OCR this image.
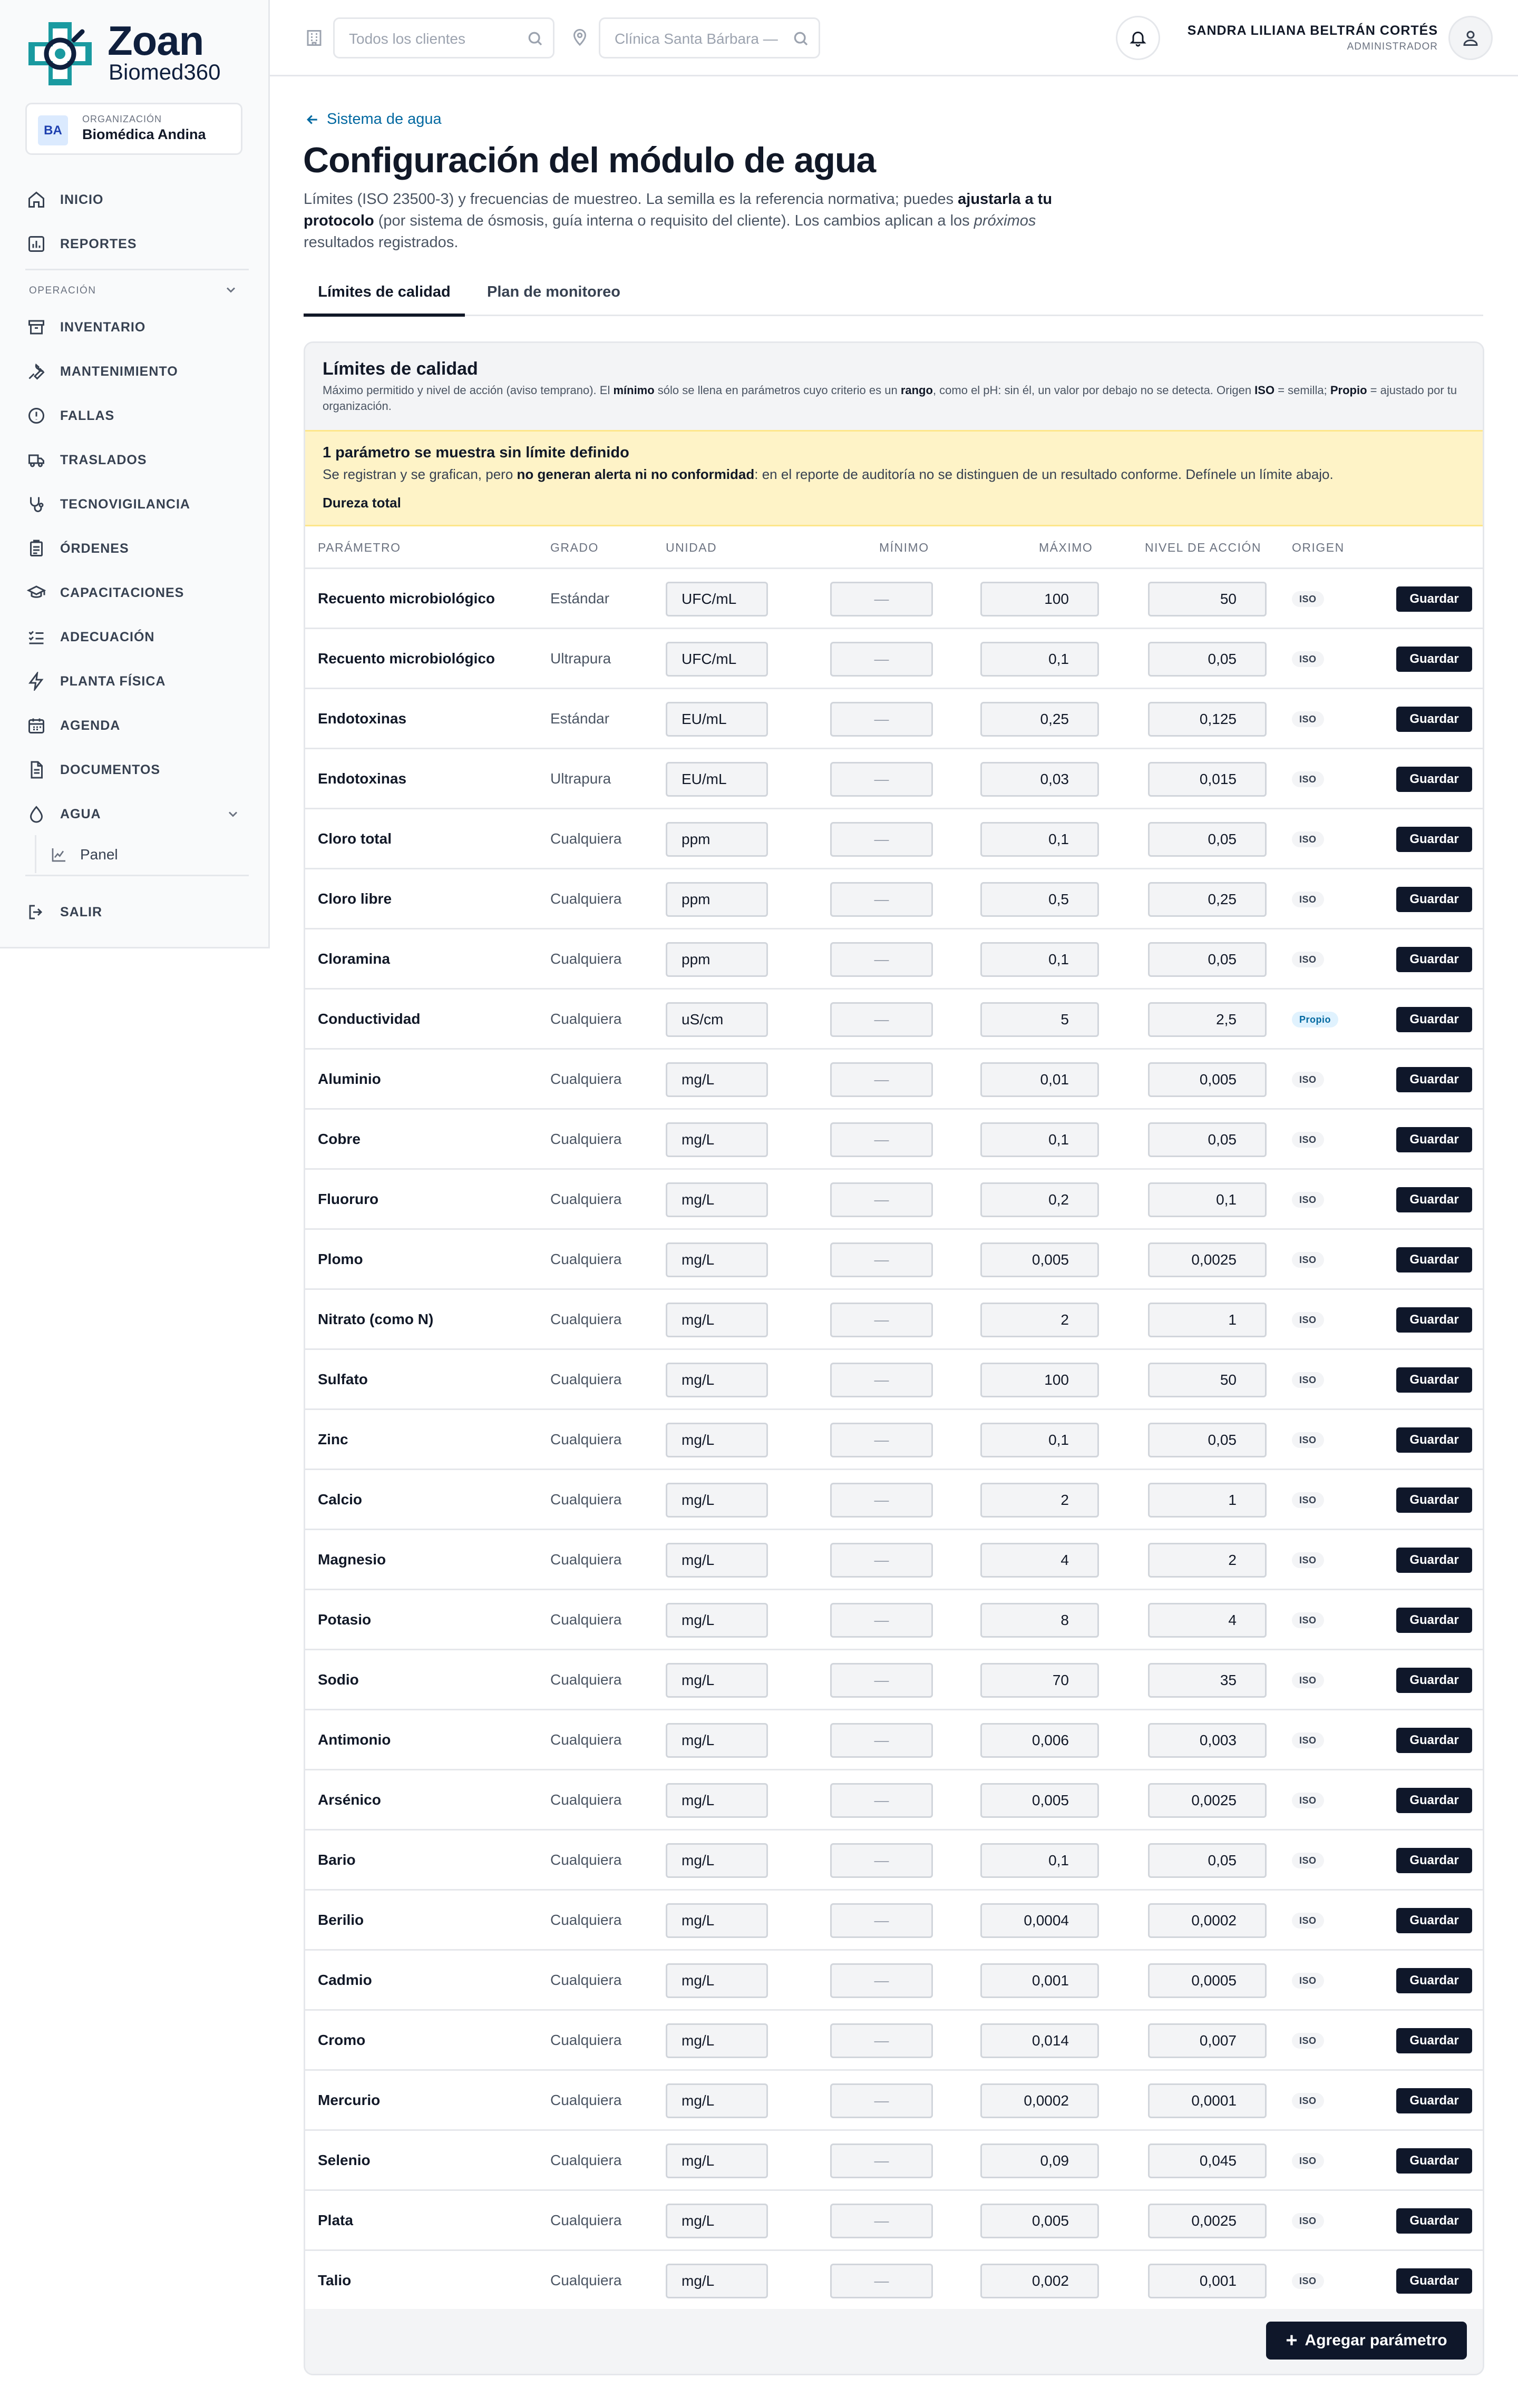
Zoan
Biomed360
BA
ORGANIZACIÓN
Biomédica Andina
INICIO
REPORTES
OPERACIÓN
INVENTARIO
MANTENIMIENTO
FALLAS
TRASLADOS
TECNOVIGILANCIA
ÓRDENES
CAPACITACIONES
ADECUACIÓN
PLANTA FÍSICA
AGENDA
DOCUMENTOS
AGUA
Panel
SALIR
Todos los clientes	Clínica Santa Bárbara —	SANDRA LILIANA BELTRÁN CORTÉS
ADMINISTRADOR
Sistema de agua
Configuración del módulo de agua

Límites (ISO 23500-3) y frecuencias de muestreo. La semilla es la referencia normativa; puedes ajustarla a tu protocolo (por sistema de ósmosis, guía interna o requisito del cliente). Los cambios aplican a los próximos resultados registrados.

Límites de calidad	Plan de monitoreo
Límites de calidad
Máximo permitido y nivel de acción (aviso temprano). El mínimo sólo se llena en parámetros cuyo criterio es un rango, como el pH: sin él, un valor por debajo no se detecta. Origen ISO = semilla; Propio = ajustado por tu organización.
1 parámetro se muestra sin límite definido
Se registran y se grafican, pero no generan alerta ni no conformidad: en el reporte de auditoría no se distinguen de un resultado conforme. Defínele un límite abajo.
Dureza total
PARÁMETRO	GRADO	UNIDAD	MÍNIMO	MÁXIMO	NIVEL DE ACCIÓN	ORIGEN
Recuento microbiológico	Estándar	UFC/mL	—	100	50	ISO	Guardar
Recuento microbiológico	Ultrapura	UFC/mL	—	0,1	0,05	ISO	Guardar
Endotoxinas	Estándar	EU/mL	—	0,25	0,125	ISO	Guardar
Endotoxinas	Ultrapura	EU/mL	—	0,03	0,015	ISO	Guardar
Cloro total	Cualquiera	ppm	—	0,1	0,05	ISO	Guardar
Cloro libre	Cualquiera	ppm	—	0,5	0,25	ISO	Guardar
Cloramina	Cualquiera	ppm	—	0,1	0,05	ISO	Guardar
Conductividad	Cualquiera	uS/cm	—	5	2,5	Propio	Guardar
Aluminio	Cualquiera	mg/L	—	0,01	0,005	ISO	Guardar
Cobre	Cualquiera	mg/L	—	0,1	0,05	ISO	Guardar
Fluoruro	Cualquiera	mg/L	—	0,2	0,1	ISO	Guardar
Plomo	Cualquiera	mg/L	—	0,005	0,0025	ISO	Guardar
Nitrato (como N)	Cualquiera	mg/L	—	2	1	ISO	Guardar
Sulfato	Cualquiera	mg/L	—	100	50	ISO	Guardar
Zinc	Cualquiera	mg/L	—	0,1	0,05	ISO	Guardar
Calcio	Cualquiera	mg/L	—	2	1	ISO	Guardar
Magnesio	Cualquiera	mg/L	—	4	2	ISO	Guardar
Potasio	Cualquiera	mg/L	—	8	4	ISO	Guardar
Sodio	Cualquiera	mg/L	—	70	35	ISO	Guardar
Antimonio	Cualquiera	mg/L	—	0,006	0,003	ISO	Guardar
Arsénico	Cualquiera	mg/L	—	0,005	0,0025	ISO	Guardar
Bario	Cualquiera	mg/L	—	0,1	0,05	ISO	Guardar
Berilio	Cualquiera	mg/L	—	0,0004	0,0002	ISO	Guardar
Cadmio	Cualquiera	mg/L	—	0,001	0,0005	ISO	Guardar
Cromo	Cualquiera	mg/L	—	0,014	0,007	ISO	Guardar
Mercurio	Cualquiera	mg/L	—	0,0002	0,0001	ISO	Guardar
Selenio	Cualquiera	mg/L	—	0,09	0,045	ISO	Guardar
Plata	Cualquiera	mg/L	—	0,005	0,0025	ISO	Guardar
Talio	Cualquiera	mg/L	—	0,002	0,001	ISO	Guardar
+ Agregar parámetro
